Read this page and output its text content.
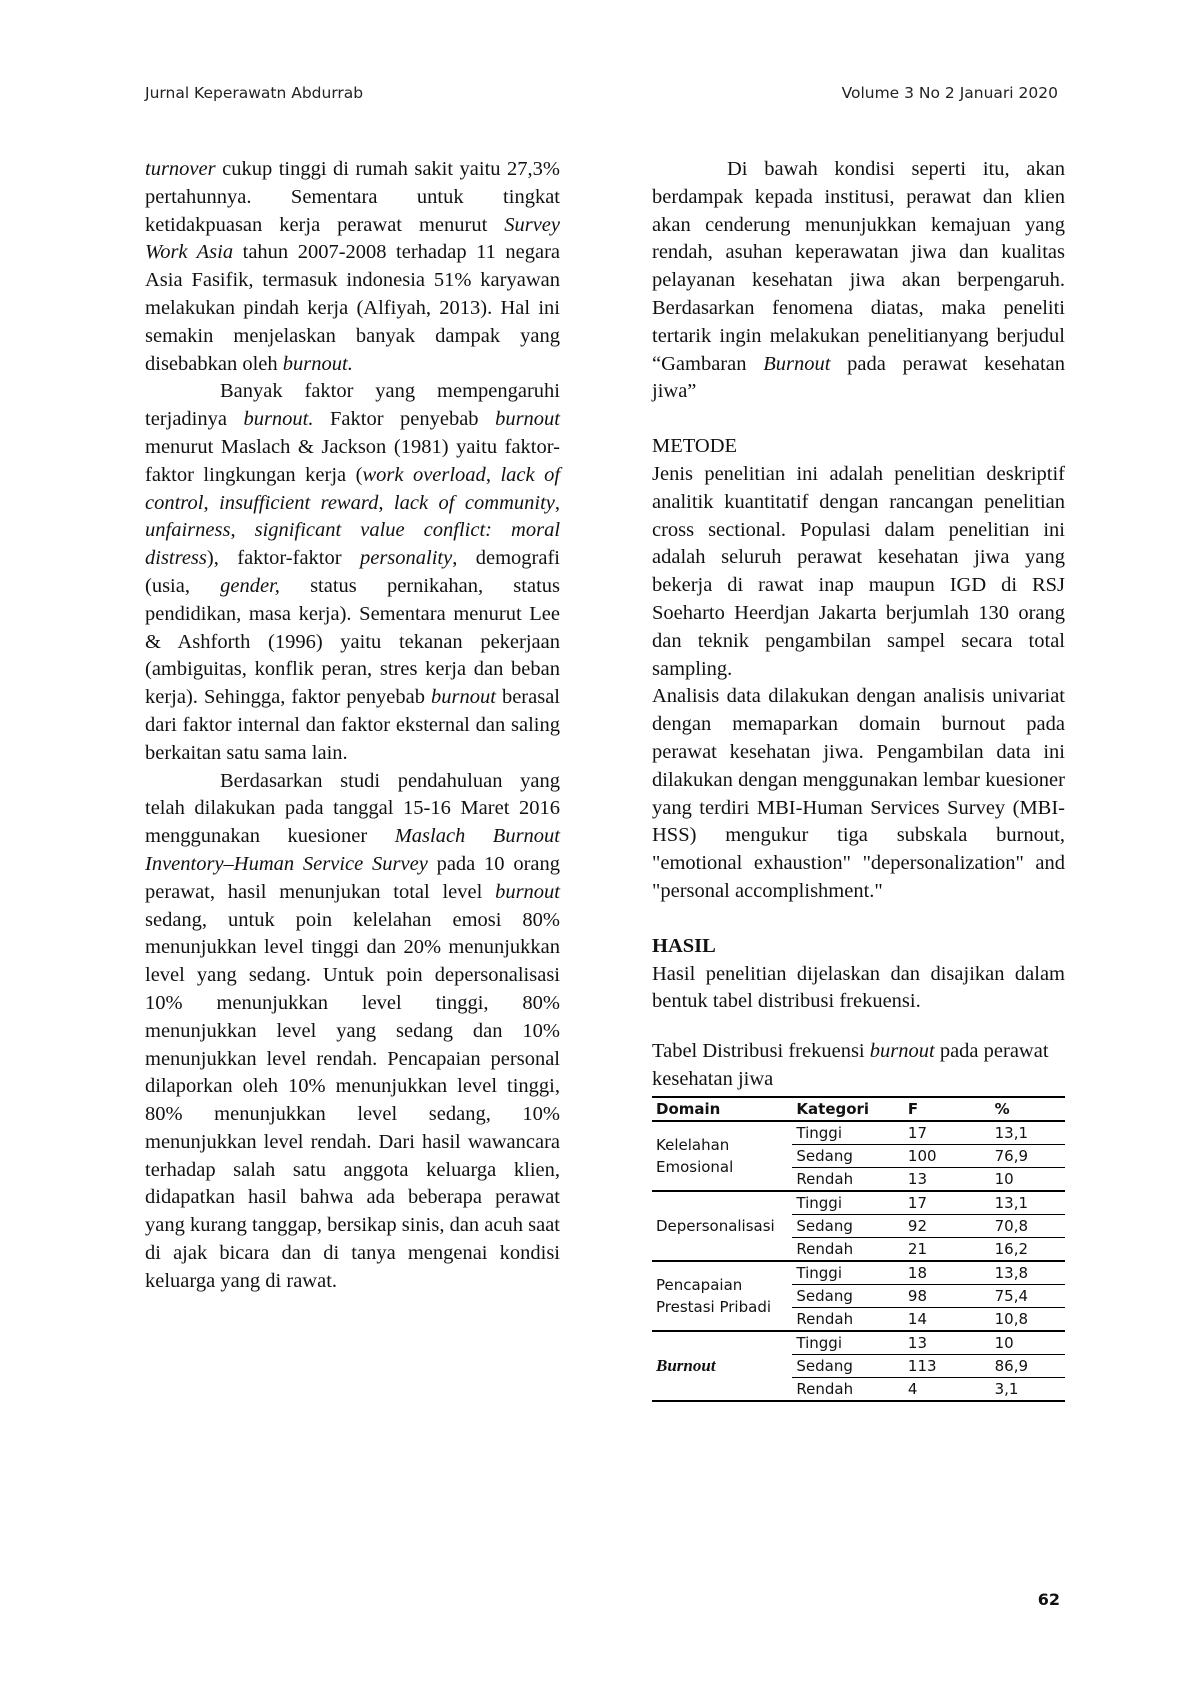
Jurnal Keperawatn Abdurrab	Volume 3 No 2 Januari 2020

turnover cukup tinggi di rumah sakit yaitu 27,3% pertahunnya. Sementara untuk tingkat ketidakpuasan kerja perawat menurut Survey Work Asia tahun 2007-2008 terhadap 11 negara Asia Fasifik, termasuk indonesia 51% karyawan melakukan pindah kerja (Alfiyah, 2013). Hal ini semakin menjelaskan banyak dampak yang disebabkan oleh burnout.

Banyak faktor yang mempengaruhi terjadinya burnout. Faktor penyebab burnout menurut Maslach & Jackson (1981) yaitu faktor-faktor lingkungan kerja (work overload, lack of control, insufficient reward, lack of community, unfairness, significant value conflict: moral distress), faktor-faktor personality, demografi (usia, gender, status pernikahan, status pendidikan, masa kerja). Sementara menurut Lee & Ashforth (1996) yaitu tekanan pekerjaan (ambiguitas, konflik peran, stres kerja dan beban kerja). Sehingga, faktor penyebab burnout berasal dari faktor internal dan faktor eksternal dan saling berkaitan satu sama lain.

Berdasarkan studi pendahuluan yang telah dilakukan pada tanggal 15-16 Maret 2016 menggunakan kuesioner Maslach Burnout Inventory–Human Service Survey pada 10 orang perawat, hasil menunjukan total level burnout sedang, untuk poin kelelahan emosi 80% menunjukkan level tinggi dan 20% menunjukkan level yang sedang. Untuk poin depersonalisasi 10% menunjukkan level tinggi, 80% menunjukkan level yang sedang dan 10% menunjukkan level rendah. Pencapaian personal dilaporkan oleh 10% menunjukkan level tinggi, 80% menunjukkan level sedang, 10% menunjukkan level rendah. Dari hasil wawancara terhadap salah satu anggota keluarga klien, didapatkan hasil bahwa ada beberapa perawat yang kurang tanggap, bersikap sinis, dan acuh saat di ajak bicara dan di tanya mengenai kondisi keluarga yang di rawat.

Di bawah kondisi seperti itu, akan berdampak kepada institusi, perawat dan klien akan cenderung menunjukkan kemajuan yang rendah, asuhan keperawatan jiwa dan kualitas pelayanan kesehatan jiwa akan berpengaruh. Berdasarkan fenomena diatas, maka peneliti tertarik ingin melakukan penelitianyang berjudul “Gambaran Burnout pada perawat kesehatan jiwa”

METODE

Jenis penelitian ini adalah penelitian deskriptif analitik kuantitatif dengan rancangan penelitian cross sectional. Populasi dalam penelitian ini adalah seluruh perawat kesehatan jiwa yang bekerja di rawat inap maupun IGD di RSJ Soeharto Heerdjan Jakarta berjumlah 130 orang dan teknik pengambilan sampel secara total sampling.

Analisis data dilakukan dengan analisis univariat dengan memaparkan domain burnout pada perawat kesehatan jiwa. Pengambilan data ini dilakukan dengan menggunakan lembar kuesioner yang terdiri MBI-Human Services Survey (MBI-HSS) mengukur tiga subskala burnout, "emotional exhaustion" "depersonalization" and "personal accomplishment."

HASIL

Hasil penelitian dijelaskan dan disajikan dalam bentuk tabel distribusi frekuensi.

Tabel Distribusi frekuensi burnout pada perawat kesehatan jiwa

Domain	Kategori	F	%
Kelelahan Emosional	Tinggi	17	13,1
	Sedang	100	76,9
	Rendah	13	10
Depersonalisasi	Tinggi	17	13,1
	Sedang	92	70,8
	Rendah	21	16,2
Pencapaian Prestasi Pribadi	Tinggi	18	13,8
	Sedang	98	75,4
	Rendah	14	10,8
Burnout	Tinggi	13	10
	Sedang	113	86,9
	Rendah	4	3,1
62
